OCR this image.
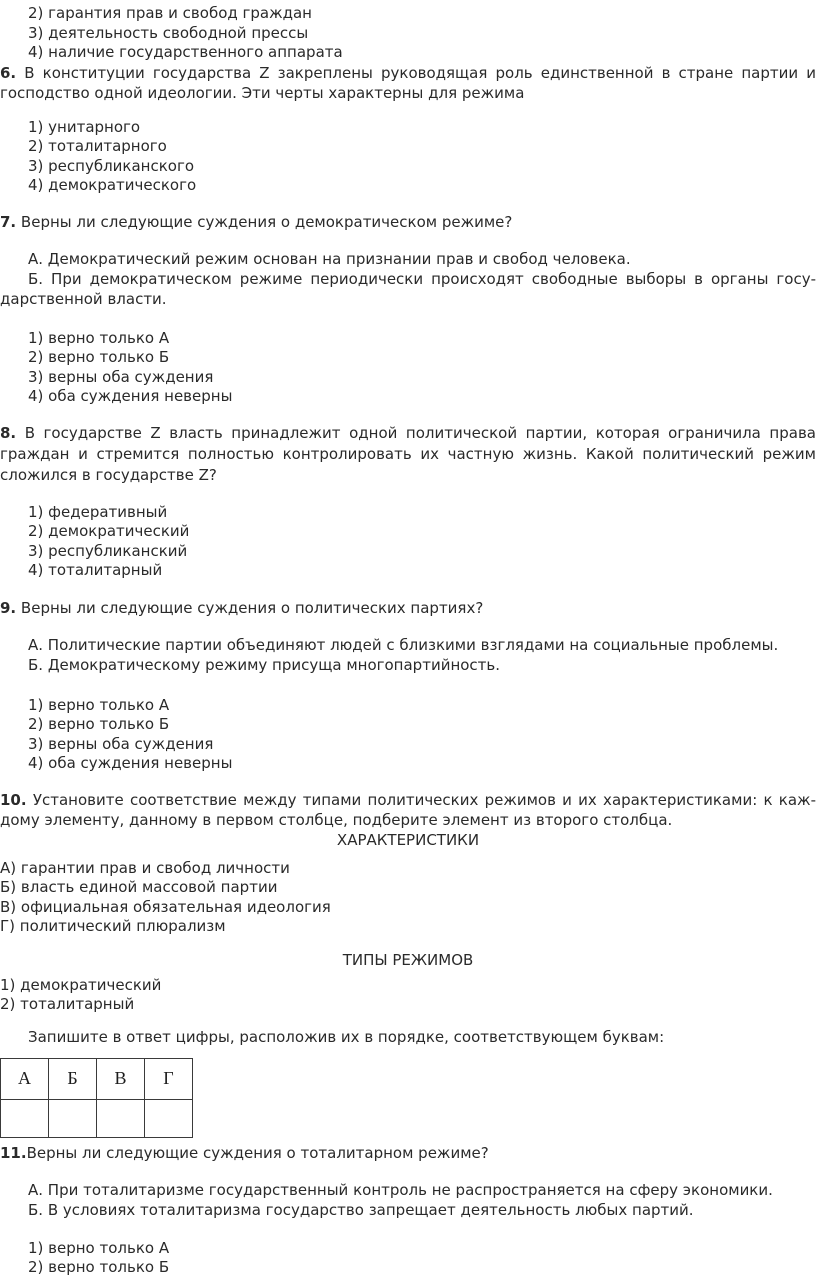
2) гарантия прав и свобод граждан
3) деятельность свободной прессы
4) наличие государственного аппарата

6. В конституции государства Z закреплены руководящая роль единственной в стране партии и господство одной идеологии. Эти черты характерны для режима

1) унитарного
2) тоталитарного
3) республиканского
4) демократического

7. Верны ли следующие суждения о демократическом режиме?

А. Демократический режим основан на признании прав и свобод человека.

Б. При демократическом режиме периодически происходят свободные выборы в органы государственной власти.

1) верно только А
2) верно только Б
3) верны оба суждения
4) оба суждения неверны

8. В государстве Z власть принадлежит одной политической партии, которая ограничила права граждан и стремится полностью контролировать их частную жизнь. Какой политический режим сложился в государстве Z?

1) федеративный
2) демократический
3) республиканский
4) тоталитарный

9. Верны ли следующие суждения о политических партиях?

А. Политические партии объединяют людей с близкими взглядами на социальные проблемы.

Б. Демократическому режиму присуща многопартийность.

1) верно только А
2) верно только Б
3) верны оба суждения
4) оба суждения неверны

10. Установите соответствие между типами политических режимов и их характеристиками: к каждому элементу, данному в первом столбце, подберите элемент из второго столбца.

ХАРАКТЕРИСТИКИ

А) гарантии прав и свобод личности
Б) власть единой массовой партии
В) официальная обязательная идеология
Г) политический плюрализм

ТИПЫ РЕЖИМОВ

1) демократический
2) тоталитарный

Запишите в ответ цифры, расположив их в порядке, соответствующем буквам:

А	Б	В	Г

11.Верны ли следующие суждения о тоталитарном режиме?

А. При тоталитаризме государственный контроль не распространяется на сферу экономики.

Б. В условиях тоталитаризма государство запрещает деятельность любых партий.

1) верно только А
2) верно только Б
